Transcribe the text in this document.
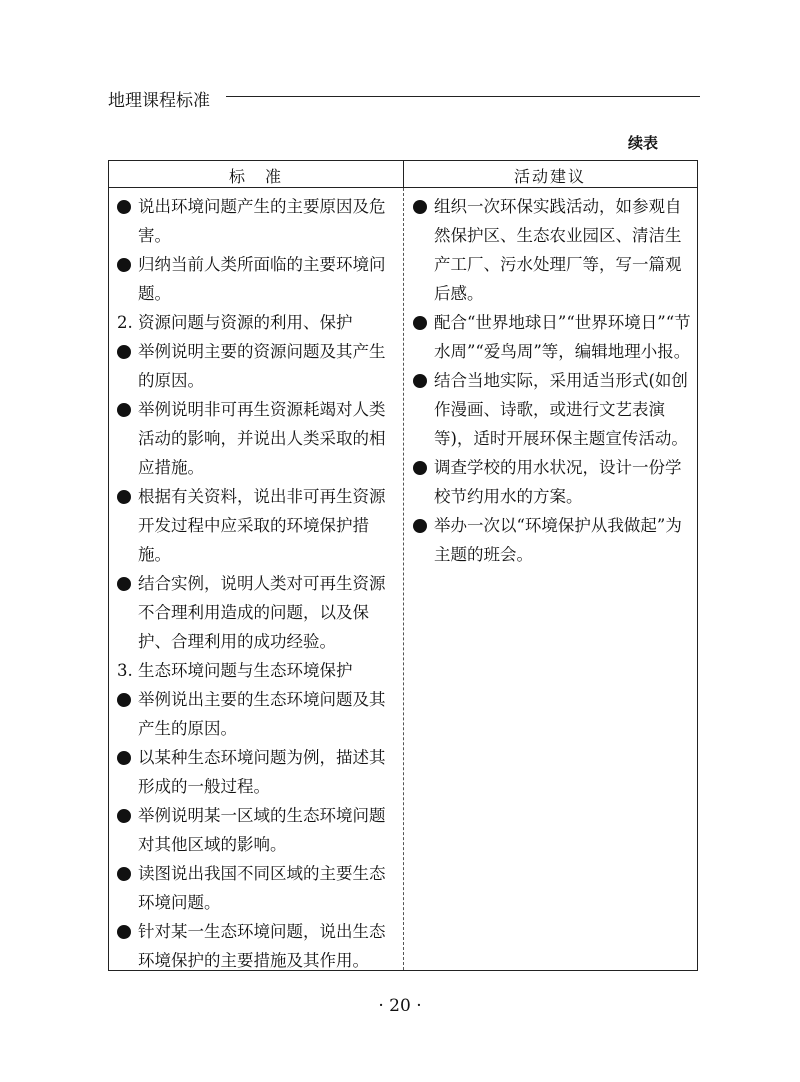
地理课程标准
续表
标　准	活动建议

说出环境问题产生的主要原因及危害。

归纳当前人类所面临的主要环境问题。

2. 资源问题与资源的利用、保护

举例说明主要的资源问题及其产生的原因。

举例说明非可再生资源耗竭对人类活动的影响，并说出人类采取的相应措施。

根据有关资料，说出非可再生资源开发过程中应采取的环境保护措施。

结合实例，说明人类对可再生资源不合理利用造成的问题，以及保护、合理利用的成功经验。

3. 生态环境问题与生态环境保护

举例说出主要的生态环境问题及其产生的原因。

以某种生态环境问题为例，描述其形成的一般过程。

举例说明某一区域的生态环境问题对其他区域的影响。

读图说出我国不同区域的主要生态环境问题。

针对某一生态环境问题，说出生态环境保护的主要措施及其作用。

组织一次环保实践活动，如参观自然保护区、生态农业园区、清洁生产工厂、污水处理厂等，写一篇观后感。

配合“世界地球日”“世界环境日”“节水周”“爱鸟周”等，编辑地理小报。

结合当地实际，采用适当形式(如创作漫画、诗歌，或进行文艺表演等)，适时开展环保主题宣传活动。

调查学校的用水状况，设计一份学校节约用水的方案。

举办一次以“环境保护从我做起”为主题的班会。

· 20 ·
